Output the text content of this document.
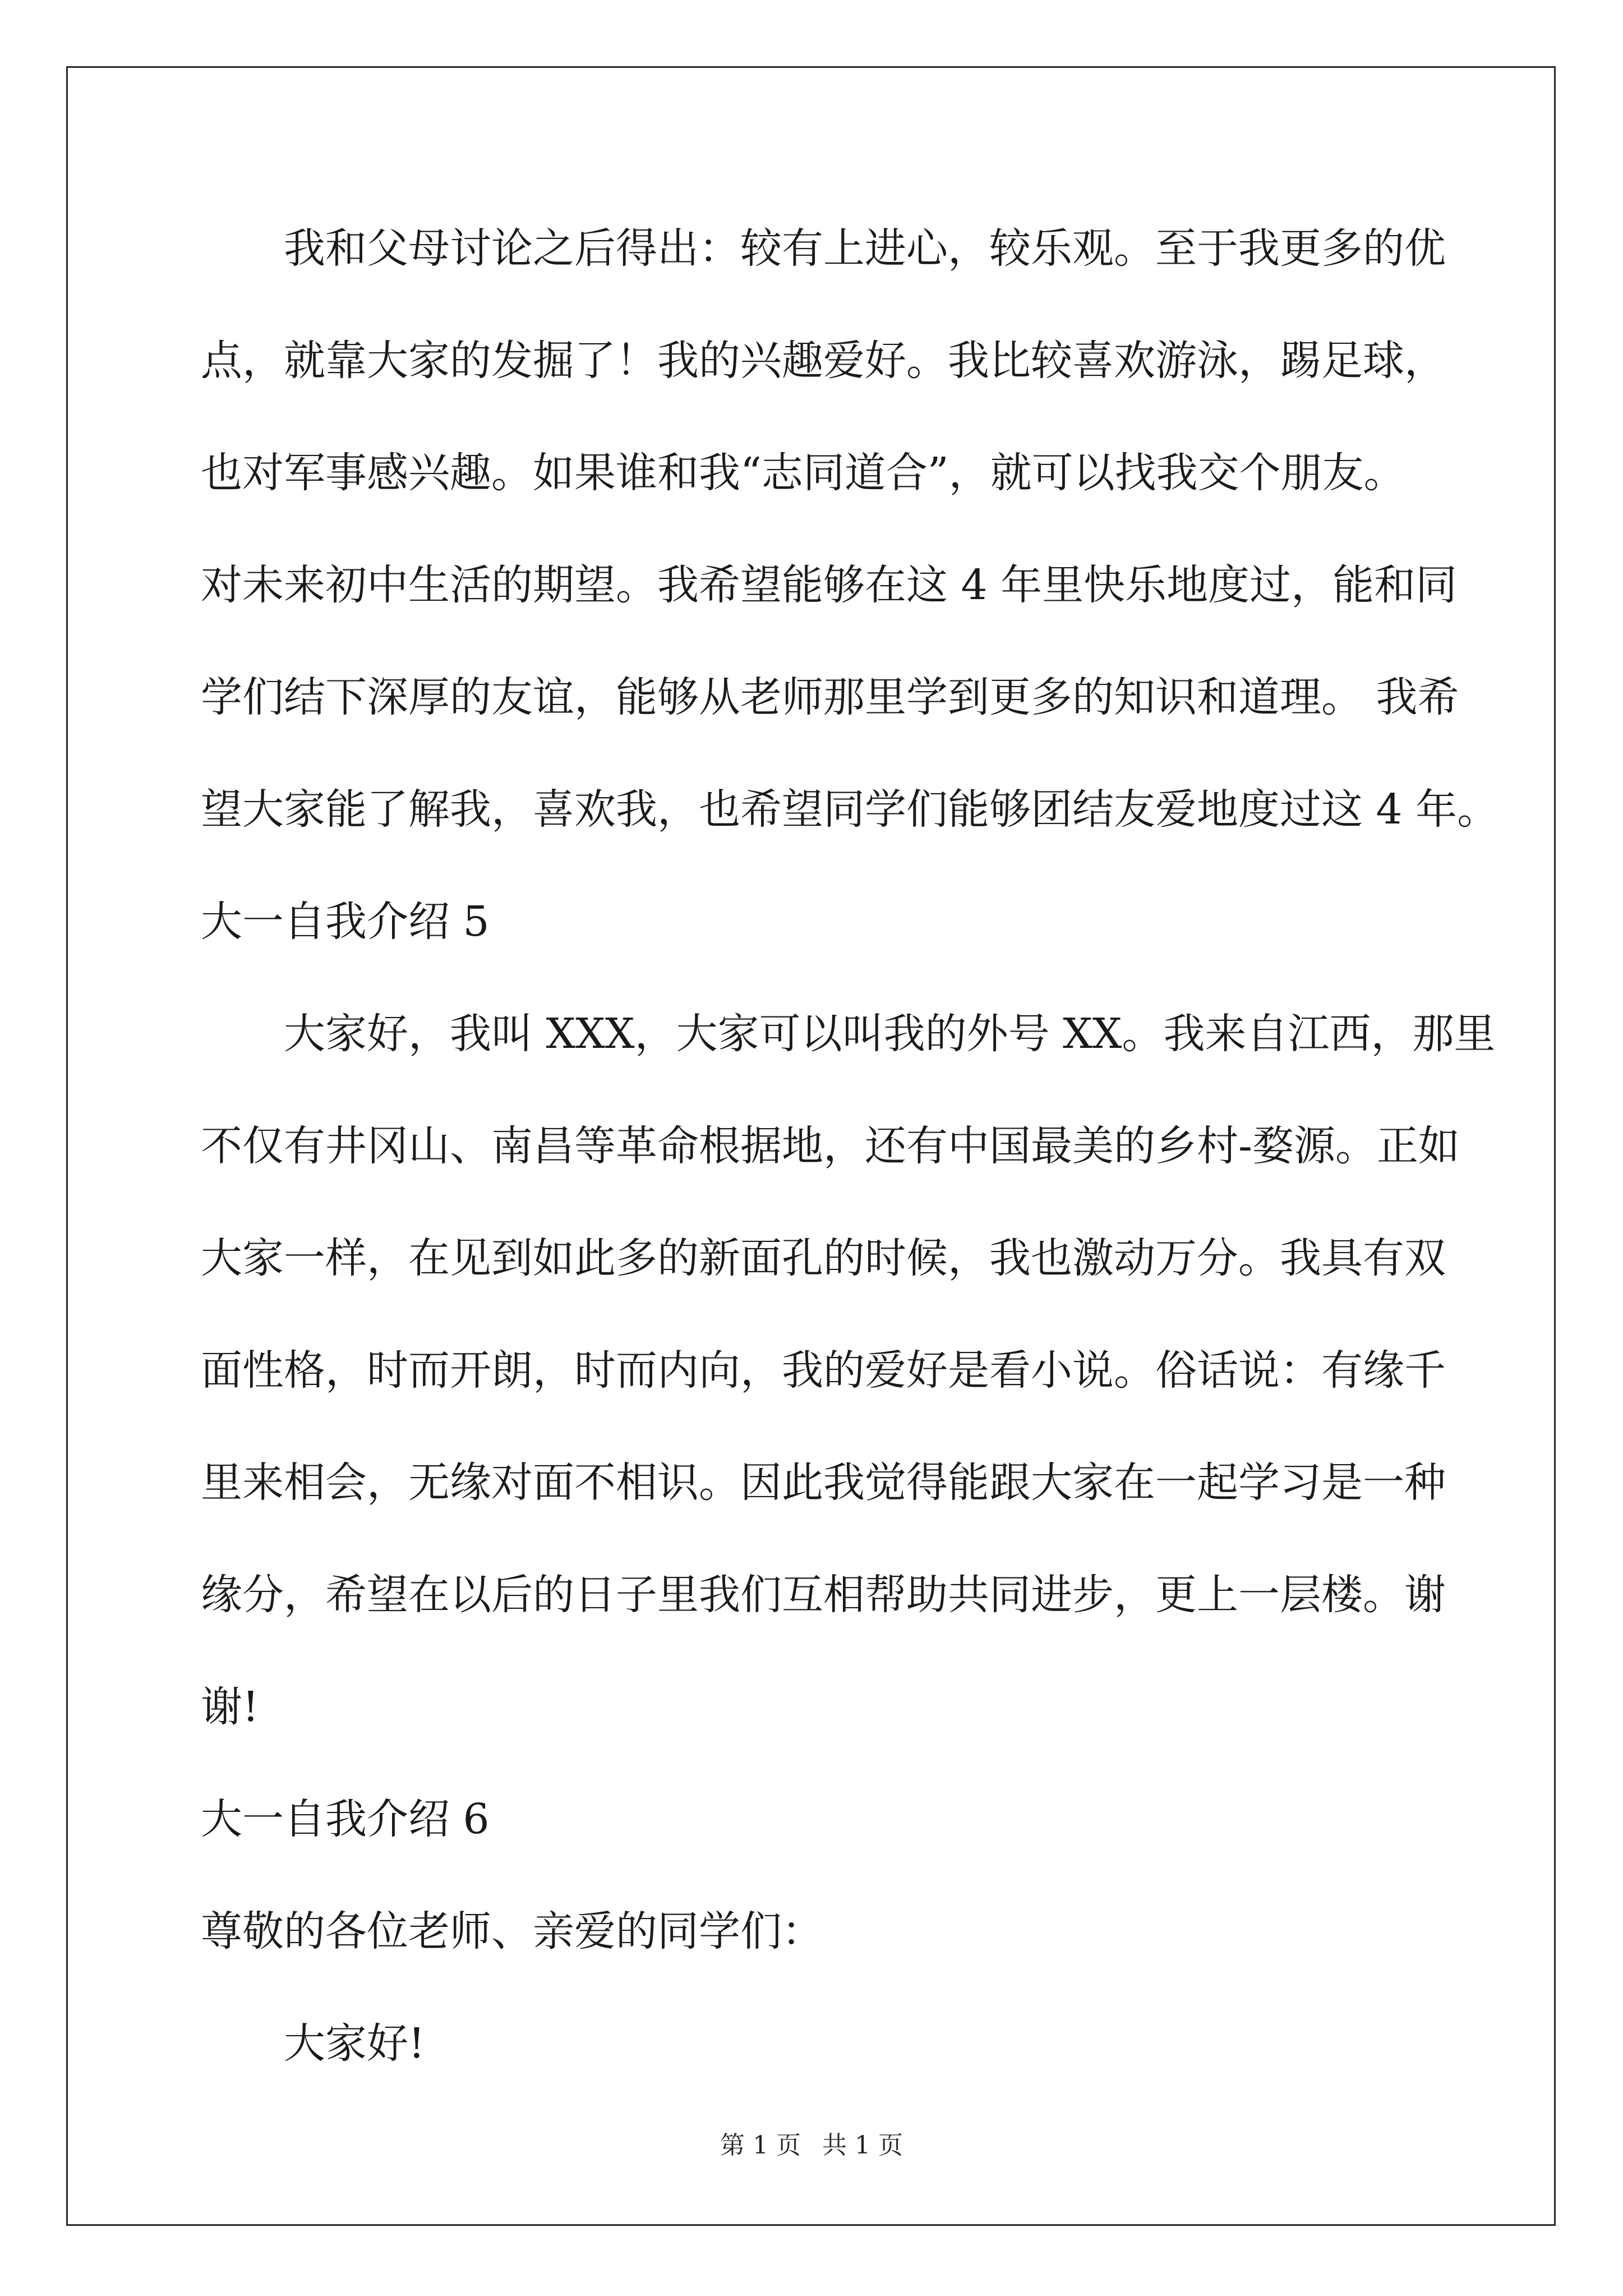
我和父母讨论之后得出：较有上进心，较乐观。至于我更多的优
点，就靠大家的发掘了！我的兴趣爱好。我比较喜欢游泳，踢足球，
也对军事感兴趣。如果谁和我“志同道合”，就可以找我交个朋友。
对未来初中生活的期望。我希望能够在这 4 年里快乐地度过，能和同
学们结下深厚的友谊，能够从老师那里学到更多的知识和道理。 我希
望大家能了解我，喜欢我，也希望同学们能够团结友爱地度过这 4 年。
大一自我介绍 5
大家好，我叫 XXX，大家可以叫我的外号 XX。我来自江西，那里
不仅有井冈山、南昌等革命根据地，还有中国最美的乡村-婺源。正如
大家一样，在见到如此多的新面孔的时候，我也激动万分。我具有双
面性格，时而开朗，时而内向，我的爱好是看小说。俗话说：有缘千
里来相会，无缘对面不相识。因此我觉得能跟大家在一起学习是一种
缘分，希望在以后的日子里我们互相帮助共同进步，更上一层楼。谢
谢!
大一自我介绍 6
尊敬的各位老师、亲爱的同学们：
大家好!
第 1 页 共 1 页
